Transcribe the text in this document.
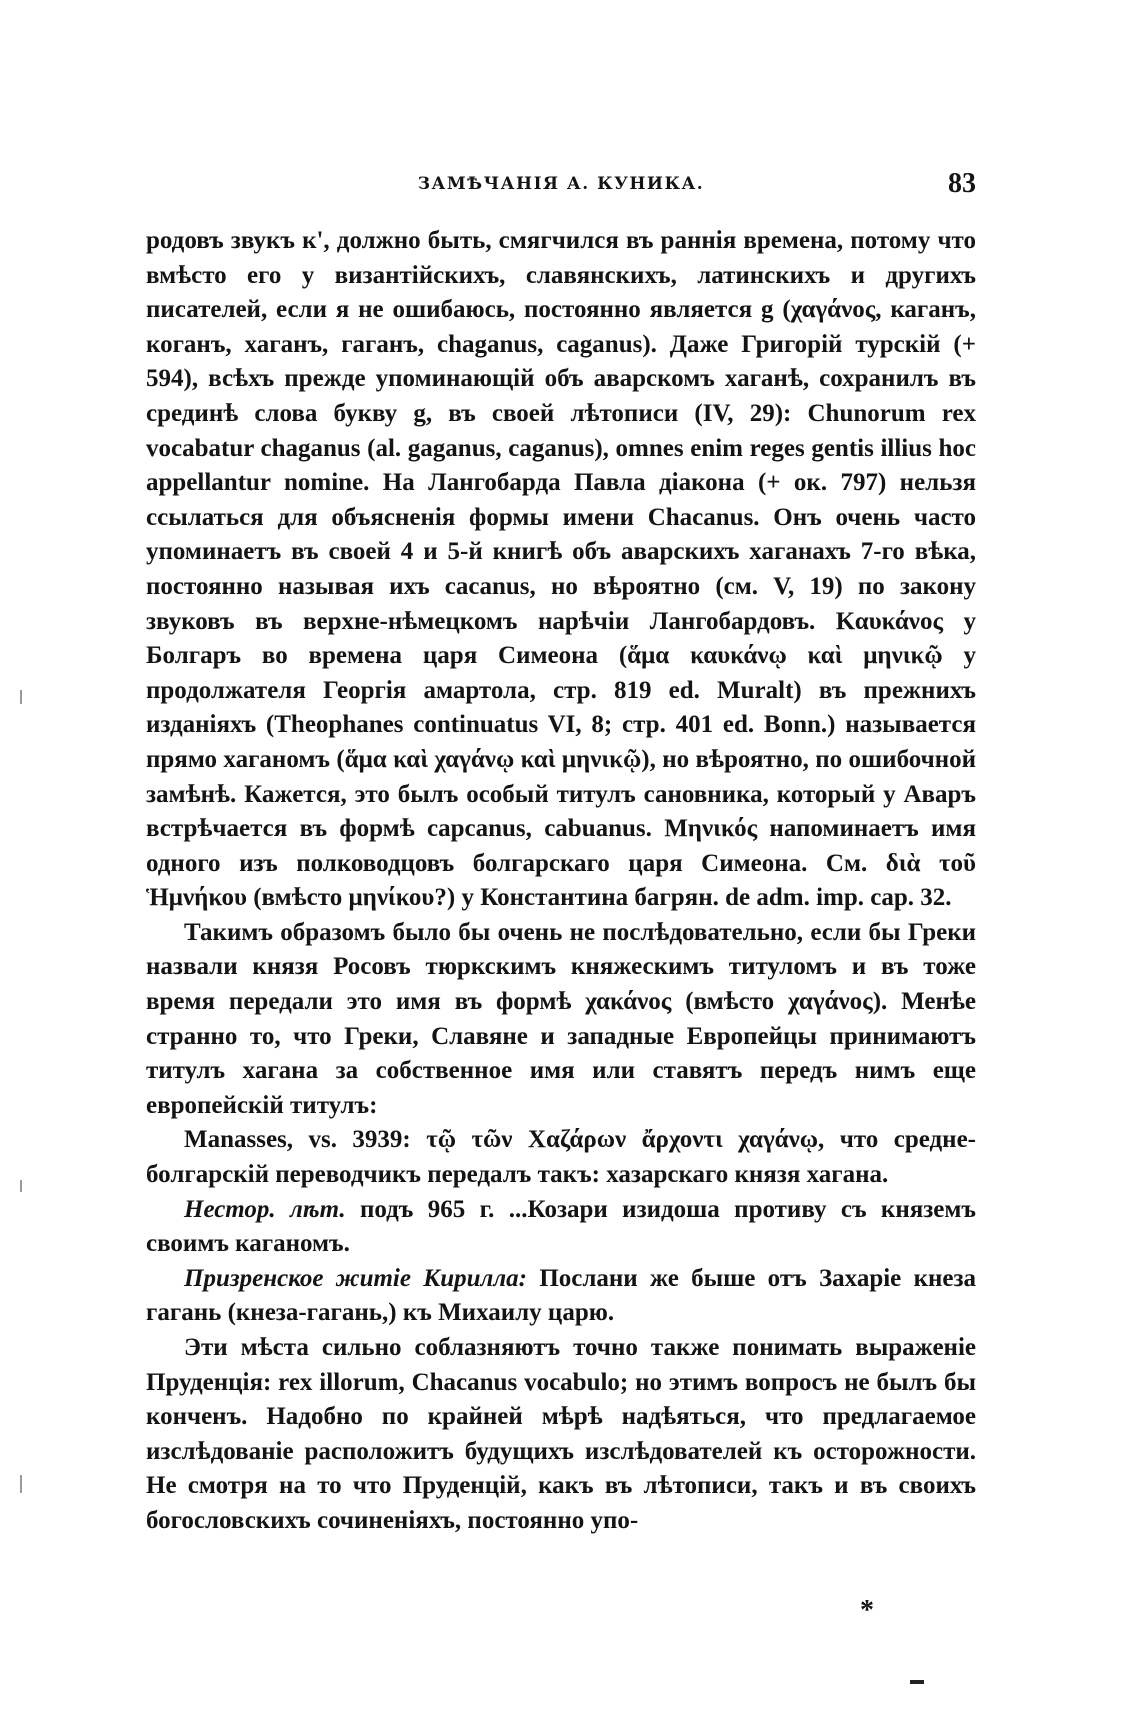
ЗАМѢЧАНІЯ А. КУНИКА.	83

родовъ звукъ к', должно быть, смягчился въ раннія времена, потому что вмѣсто его у византійскихъ, славянскихъ, латинскихъ и другихъ писателей, если я не ошибаюсь, постоянно является g (χαγάνος, каганъ, коганъ, хаганъ, гаганъ, chaganus, caganus). Даже Григорій турскій (+ 594), всѣхъ прежде упоминающій объ аварскомъ хаганѣ, сохранилъ въ срединѣ слова букву g, въ своей лѣтописи (IV, 29): Chunorum rex vocabatur chaganus (al. gaganus, caganus), omnes enim reges gentis illius hoc appellantur nomine. На Лангобарда Павла діакона (+ ок. 797) нельзя ссылаться для объясненія формы имени Chacanus. Онъ очень часто упоминаетъ въ своей 4 и 5-й книгѣ объ аварскихъ хаганахъ 7-го вѣка, постоянно называя ихъ cacanus, но вѣроятно (см. V, 19) по закону звуковъ въ верхне-нѣмецкомъ нарѣчіи Лангобардовъ. Καυκάνος у Болгаръ во времена царя Симеона (ἅμα καυκάνῳ καὶ μηνικῷ у продолжателя Георгія амартола, стр. 819 ed. Muralt) въ прежнихъ изданіяхъ (Theophanes continuatus VI, 8; стр. 401 ed. Bonn.) называется прямо хаганомъ (ἅμα καὶ χαγάνῳ καὶ μηνικῷ), но вѣроятно, по ошибочной замѣнѣ. Кажется, это былъ особый титулъ сановника, который у Аваръ встрѣчается въ формѣ capcanus, cabuanus. Μηνικός напоминаетъ имя одного изъ полководцовъ болгарскаго царя Симеона. См. διὰ τοῦ Ἡμνήκου (вмѣсто μηνίκου?) у Константина багрян. de adm. imp. cap. 32.

Такимъ образомъ было бы очень не послѣдовательно, если бы Греки назвали князя Росовъ тюркскимъ княжескимъ титуломъ и въ тоже время передали это имя въ формѣ χακάνος (вмѣсто χαγάνος). Менѣе странно то, что Греки, Славяне и западные Европейцы принимаютъ титулъ хагана за собственное имя или ставятъ передъ нимъ еще европейскій титулъ:

Manasses, vs. 3939: τῷ τῶν Χαζάρων ἄρχοντι χαγάνῳ, что средне-болгарскій переводчикъ передалъ такъ: хазарскаго князя хагана.

Нестор. лѣт. подъ 965 г. ...Козари изидоша противу съ княземъ своимъ каганомъ.

Призренское житіе Кирилла: Послани же быше отъ Захаріе кнеза гагань (кнеза-гагань,) къ Михаилу царю.

Эти мѣста сильно соблазняютъ точно также понимать выраженіе Пруденція: rex illorum, Chacanus vocabulo; но этимъ вопросъ не былъ бы конченъ. Надобно по крайней мѣрѣ надѣяться, что предлагаемое изслѣдованіе расположитъ будущихъ изслѣдователей къ осторожности. Не смотря на то что Пруденцій, какъ въ лѣтописи, такъ и въ своихъ богословскихъ сочиненіяхъ, постоянно упо-

*
